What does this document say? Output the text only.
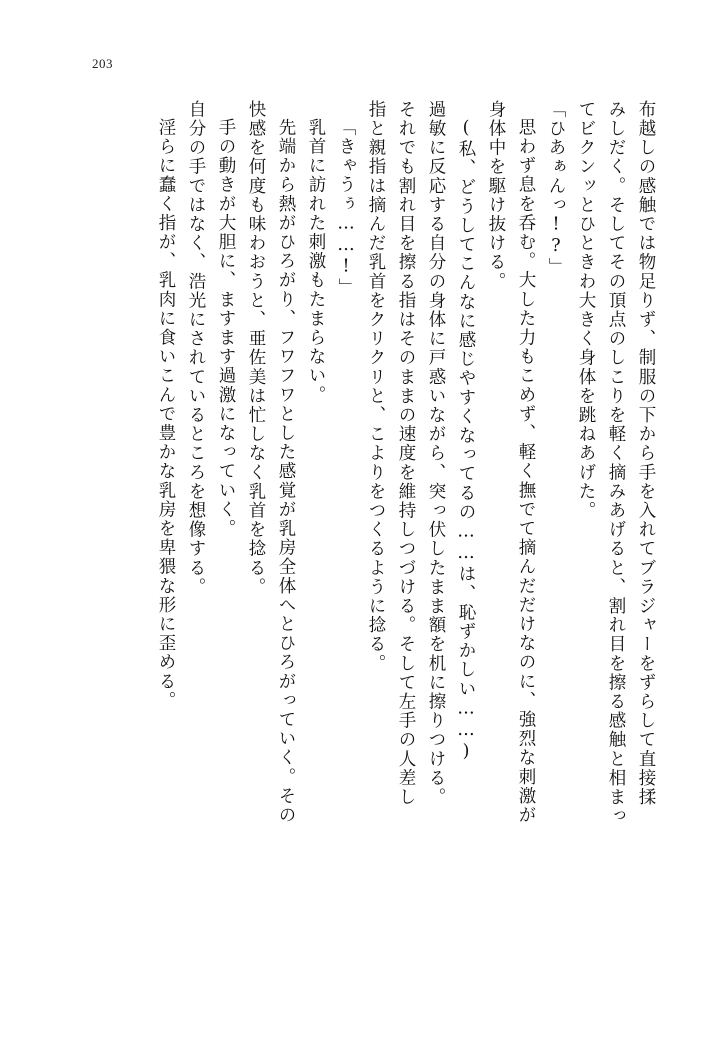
203
布越しの感触では物足りず、制服の下から手を入れてブラジャーをずらして直接揉
みしだく。そしてその頂点のしこりを軽く摘みあげると、割れ目を擦る感触と相まっ
てビクンッとひときわ大きく身体を跳ねあげた。
「ひあぁんっ!?」
思わず息を呑む。大した力もこめず、軽く撫でて摘んだだけなのに、強烈な刺激が
身体中を駆け抜ける。
(私、どうしてこんなに感じやすくなってるの……は、恥ずかしい……)
過敏に反応する自分の身体に戸惑いながら、突っ伏したまま額を机に擦りつける。
それでも割れ目を擦る指はそのままの速度を維持しつづける。そして左手の人差し
指と親指は摘んだ乳首をクリクリと、こよりをつくるように捻る。
「きゃうぅ……!」
乳首に訪れた刺激もたまらない。
先端から熱がひろがり、フワフワとした感覚が乳房全体へとひろがっていく。その
快感を何度も味わおうと、亜佐美は忙しなく乳首を捻る。
手の動きが大胆に、ますます過激になっていく。
自分の手ではなく、浩光にされているところを想像する。
淫らに蠢く指が、乳肉に食いこんで豊かな乳房を卑猥な形に歪める。
